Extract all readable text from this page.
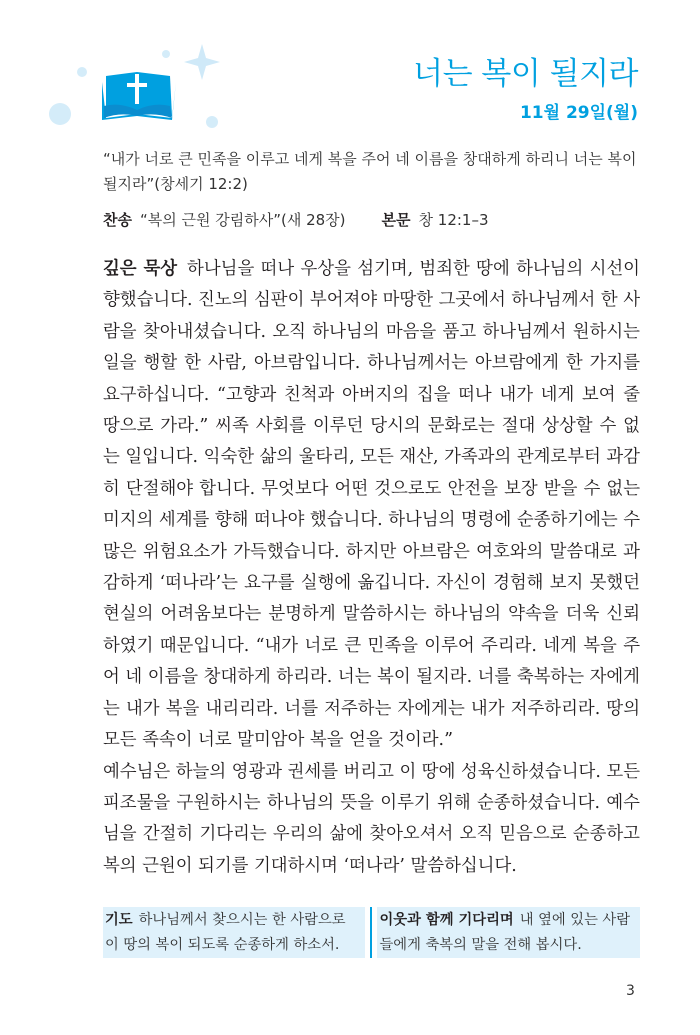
너는 복이 될지라
11월 29일(월)
“내가 너로 큰 민족을 이루고 네게 복을 주어 네 이름을 창대하게 하리니 너는 복이 될지라”(창세기 12:2)
찬송 “복의 근원 강림하사”(새 28장) 본문 창 12:1–3

깊은 묵상 하나님을 떠나 우상을 섬기며, 범죄한 땅에 하나님의 시선이 향했습니다. 진노의 심판이 부어져야 마땅한 그곳에서 하나님께서 한 사람을 찾아내셨습니다. 오직 하나님의 마음을 품고 하나님께서 원하시는 일을 행할 한 사람, 아브람입니다. 하나님께서는 아브람에게 한 가지를 요구하십니다. “고향과 친척과 아버지의 집을 떠나 내가 네게 보여 줄 땅으로 가라.” 씨족 사회를 이루던 당시의 문화로는 절대 상상할 수 없는 일입니다. 익숙한 삶의 울타리, 모든 재산, 가족과의 관계로부터 과감히 단절해야 합니다. 무엇보다 어떤 것으로도 안전을 보장 받을 수 없는 미지의 세계를 향해 떠나야 했습니다. 하나님의 명령에 순종하기에는 수많은 위험요소가 가득했습니다. 하지만 아브람은 여호와의 말씀대로 과감하게 ‘떠나라’는 요구를 실행에 옮깁니다. 자신이 경험해 보지 못했던 현실의 어려움보다는 분명하게 말씀하시는 하나님의 약속을 더욱 신뢰하였기 때문입니다. “내가 너로 큰 민족을 이루어 주리라. 네게 복을 주어 네 이름을 창대하게 하리라. 너는 복이 될지라. 너를 축복하는 자에게는 내가 복을 내리리라. 너를 저주하는 자에게는 내가 저주하리라. 땅의 모든 족속이 너로 말미암아 복을 얻을 것이라.”

예수님은 하늘의 영광과 권세를 버리고 이 땅에 성육신하셨습니다. 모든 피조물을 구원하시는 하나님의 뜻을 이루기 위해 순종하셨습니다. 예수님을 간절히 기다리는 우리의 삶에 찾아오셔서 오직 믿음으로 순종하고 복의 근원이 되기를 기대하시며 ‘떠나라’ 말씀하십니다.

기도 하나님께서 찾으시는 한 사람으로 이 땅의 복이 되도록 순종하게 하소서.
이웃과 함께 기다리며 내 옆에 있는 사람들에게 축복의 말을 전해 봅시다.
3
